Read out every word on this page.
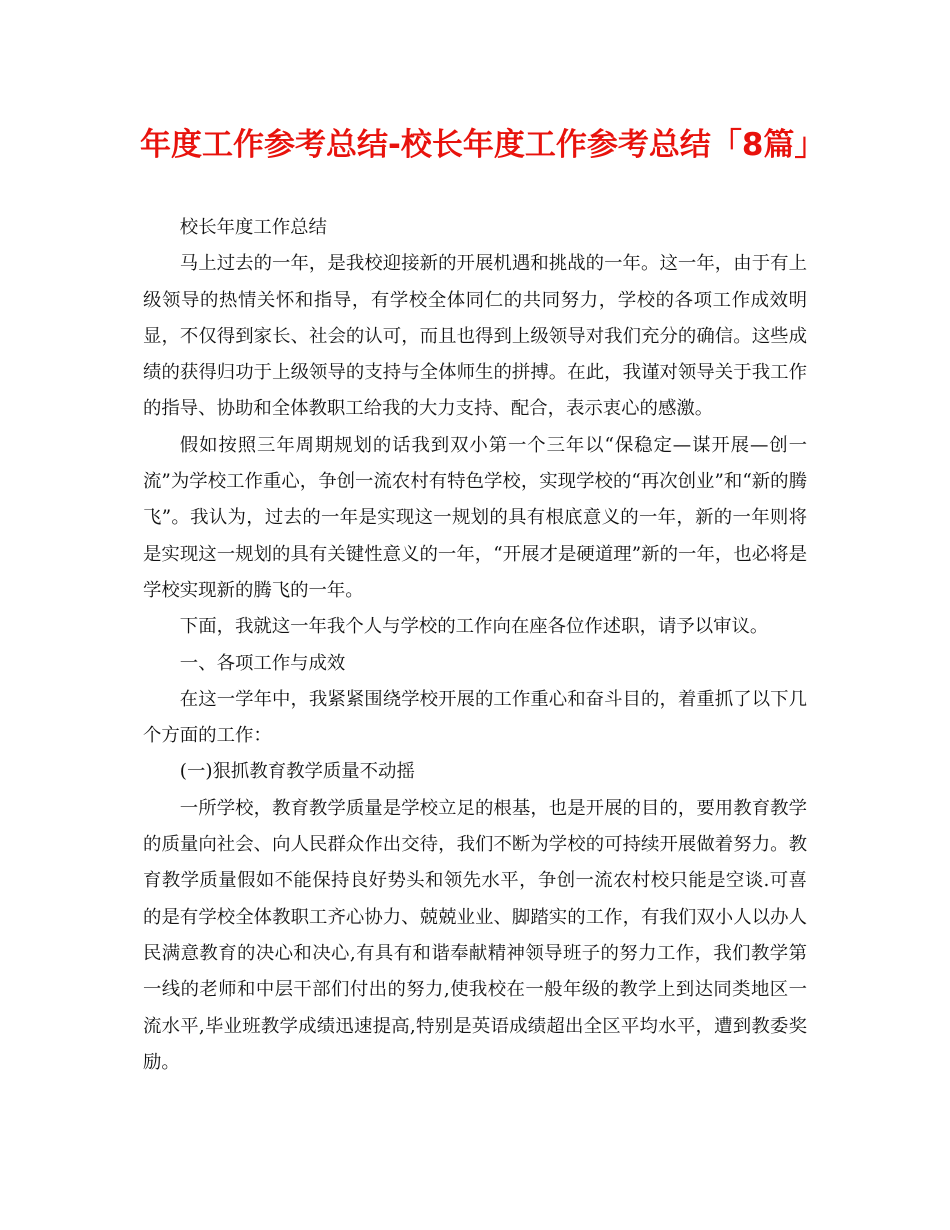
年度工作参考总结-校长年度工作参考总结「8篇」

校长年度工作总结

马上过去的一年，是我校迎接新的开展机遇和挑战的一年。这一年，由于有上级领导的热情关怀和指导，有学校全体同仁的共同努力，学校的各项工作成效明显，不仅得到家长、社会的认可，而且也得到上级领导对我们充分的确信。这些成绩的获得归功于上级领导的支持与全体师生的拼搏。在此，我谨对领导关于我工作的指导、协助和全体教职工给我的大力支持、配合，表示衷心的感激。

假如按照三年周期规划的话我到双小第一个三年以“保稳定—谋开展—创一流”为学校工作重心，争创一流农村有特色学校，实现学校的“再次创业”和“新的腾飞”。我认为，过去的一年是实现这一规划的具有根底意义的一年，新的一年则将是实现这一规划的具有关键性意义的一年，“开展才是硬道理”新的一年，也必将是学校实现新的腾飞的一年。

下面，我就这一年我个人与学校的工作向在座各位作述职，请予以审议。

一、各项工作与成效

在这一学年中，我紧紧围绕学校开展的工作重心和奋斗目的，着重抓了以下几个方面的工作：

(一)狠抓教育教学质量不动摇

一所学校，教育教学质量是学校立足的根基，也是开展的目的，要用教育教学的质量向社会、向人民群众作出交待，我们不断为学校的可持续开展做着努力。教育教学质量假如不能保持良好势头和领先水平，争创一流农村校只能是空谈.可喜的是有学校全体教职工齐心协力、兢兢业业、脚踏实的工作，有我们双小人以办人民满意教育的决心和决心,有具有和谐奉献精神领导班子的努力工作，我们教学第一线的老师和中层干部们付出的努力,使我校在一般年级的教学上到达同类地区一流水平,毕业班教学成绩迅速提高,特别是英语成绩超出全区平均水平，遭到教委奖励。
